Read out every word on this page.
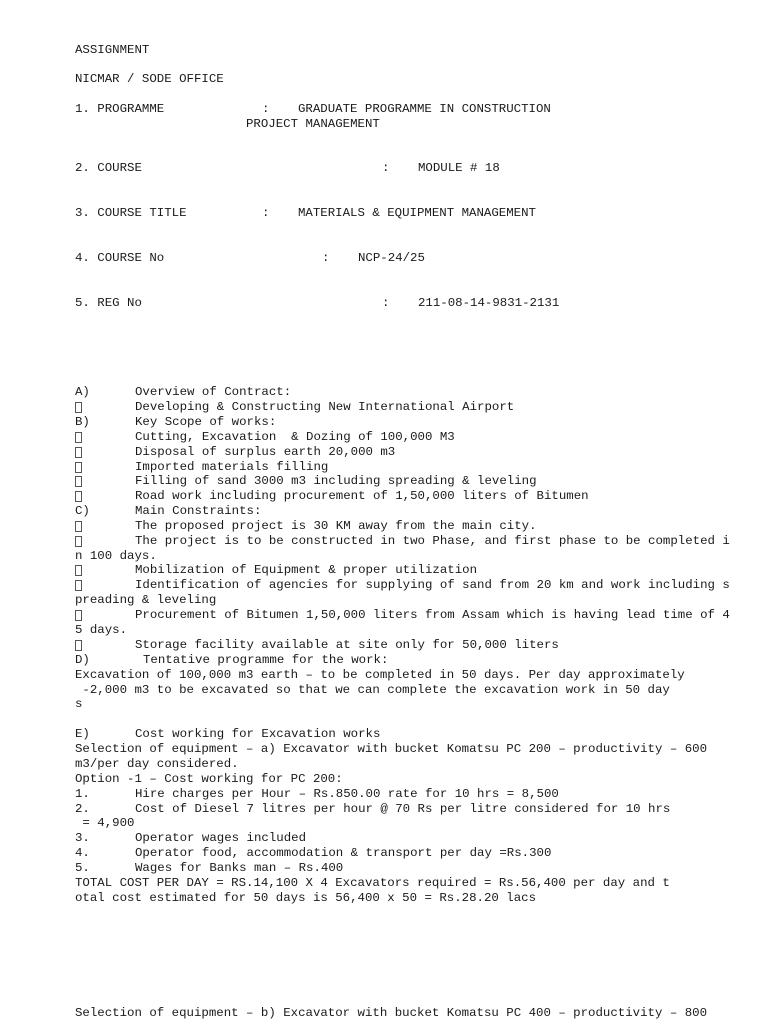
ASSIGNMENT
NICMAR / SODE OFFICE
1. PROGRAMME	: GRADUATE PROGRAMME IN CONSTRUCTION
PROJECT MANAGEMENT
2. COURSE	: MODULE # 18
3. COURSE TITLE	: MATERIALS & EQUIPMENT MANAGEMENT
4. COURSE No	: NCP-24/25
5. REG No	: 211-08-14-9831-2131
A)	Overview of Contract:
Developing & Constructing New International Airport
B)	Key Scope of works:
Cutting, Excavation  & Dozing of 100,000 M3
Disposal of surplus earth 20,000 m3
Imported materials filling
Filling of sand 3000 m3 including spreading & leveling
Road work including procurement of 1,50,000 liters of Bitumen
C)	Main Constraints:
The proposed project is 30 KM away from the main city.
The project is to be constructed in two Phase, and first phase to be completed i
n 100 days.
Mobilization of Equipment & proper utilization
Identification of agencies for supplying of sand from 20 km and work including s
preading & leveling
Procurement of Bitumen 1,50,000 liters from Assam which is having lead time of 4
5 days.
Storage facility available at site only for 50,000 liters
D)	Tentative programme for the work:
Excavation of 100,000 m3 earth – to be completed in 50 days. Per day approximately
-2,000 m3 to be excavated so that we can complete the excavation work in 50 day
s
E)	Cost working for Excavation works
Selection of equipment – a) Excavator with bucket Komatsu PC 200 – productivity – 600
m3/per day considered.
Option -1 – Cost working for PC 200:
1.	Hire charges per Hour – Rs.850.00 rate for 10 hrs = 8,500
2.	Cost of Diesel 7 litres per hour @ 70 Rs per litre considered for 10 hrs
= 4,900
3.	Operator wages included
4.	Operator food, accommodation & transport per day =Rs.300
5.	Wages for Banks man – Rs.400
TOTAL COST PER DAY = RS.14,100 X 4 Excavators required = Rs.56,400 per day and t
otal cost estimated for 50 days is 56,400 x 50 = Rs.28.20 lacs
Selection of equipment – b) Excavator with bucket Komatsu PC 400 – productivity – 800
